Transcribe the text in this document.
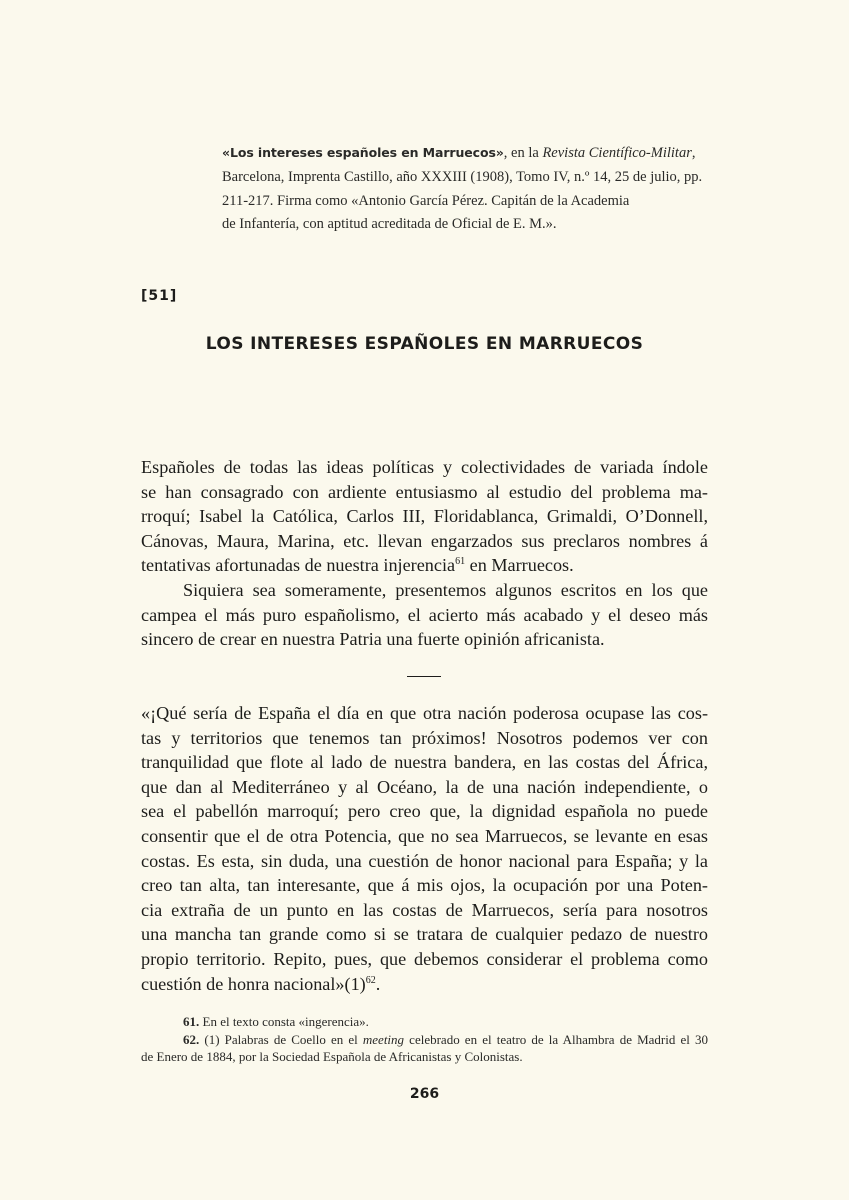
«Los intereses españoles en Marruecos», en la Revista Científico-Militar,

Barcelona, Imprenta Castillo, año XXXIII (1908), Tomo IV, n.º 14, 25 de julio, pp.

211-217. Firma como «Antonio García Pérez. Capitán de la Academia

de Infantería, con aptitud acreditada de Oficial de E. M.».

[51]
LOS INTERESES ESPAÑOLES EN MARRUECOS
Españoles de todas las ideas políticas y colectividades de variada índole
se han consagrado con ardiente entusiasmo al estudio del problema ma-
rroquí; Isabel la Católica, Carlos III, Floridablanca, Grimaldi, O’Donnell,
Cánovas, Maura, Marina, etc. llevan engarzados sus preclaros nombres á
tentativas afortunadas de nuestra injerencia$^{61}$ en Marruecos.
Siquiera sea someramente, presentemos algunos escritos en los que
campea el más puro españolismo, el acierto más acabado y el deseo más
sincero de crear en nuestra Patria una fuerte opinión africanista.
«¡Qué sería de España el día en que otra nación poderosa ocupase las cos-
tas y territorios que tenemos tan próximos! Nosotros podemos ver con
tranquilidad que flote al lado de nuestra bandera, en las costas del África,
que dan al Mediterráneo y al Océano, la de una nación independiente, o
sea el pabellón marroquí; pero creo que, la dignidad española no puede
consentir que el de otra Potencia, que no sea Marruecos, se levante en esas
costas. Es esta, sin duda, una cuestión de honor nacional para España; y la
creo tan alta, tan interesante, que á mis ojos, la ocupación por una Poten-
cia extraña de un punto en las costas de Marruecos, sería para nosotros
una mancha tan grande como si se tratara de cualquier pedazo de nuestro
propio territorio. Repito, pues, que debemos considerar el problema como
cuestión de honra $nacional»(1)^{62}$.
61. En el texto consta «ingerencia».
62. (1) Palabras de Coello en el meeting celebrado en el teatro de la Alhambra de Madrid el 30
de Enero de 1884, por la Sociedad Española de Africanistas y Colonistas.
266
